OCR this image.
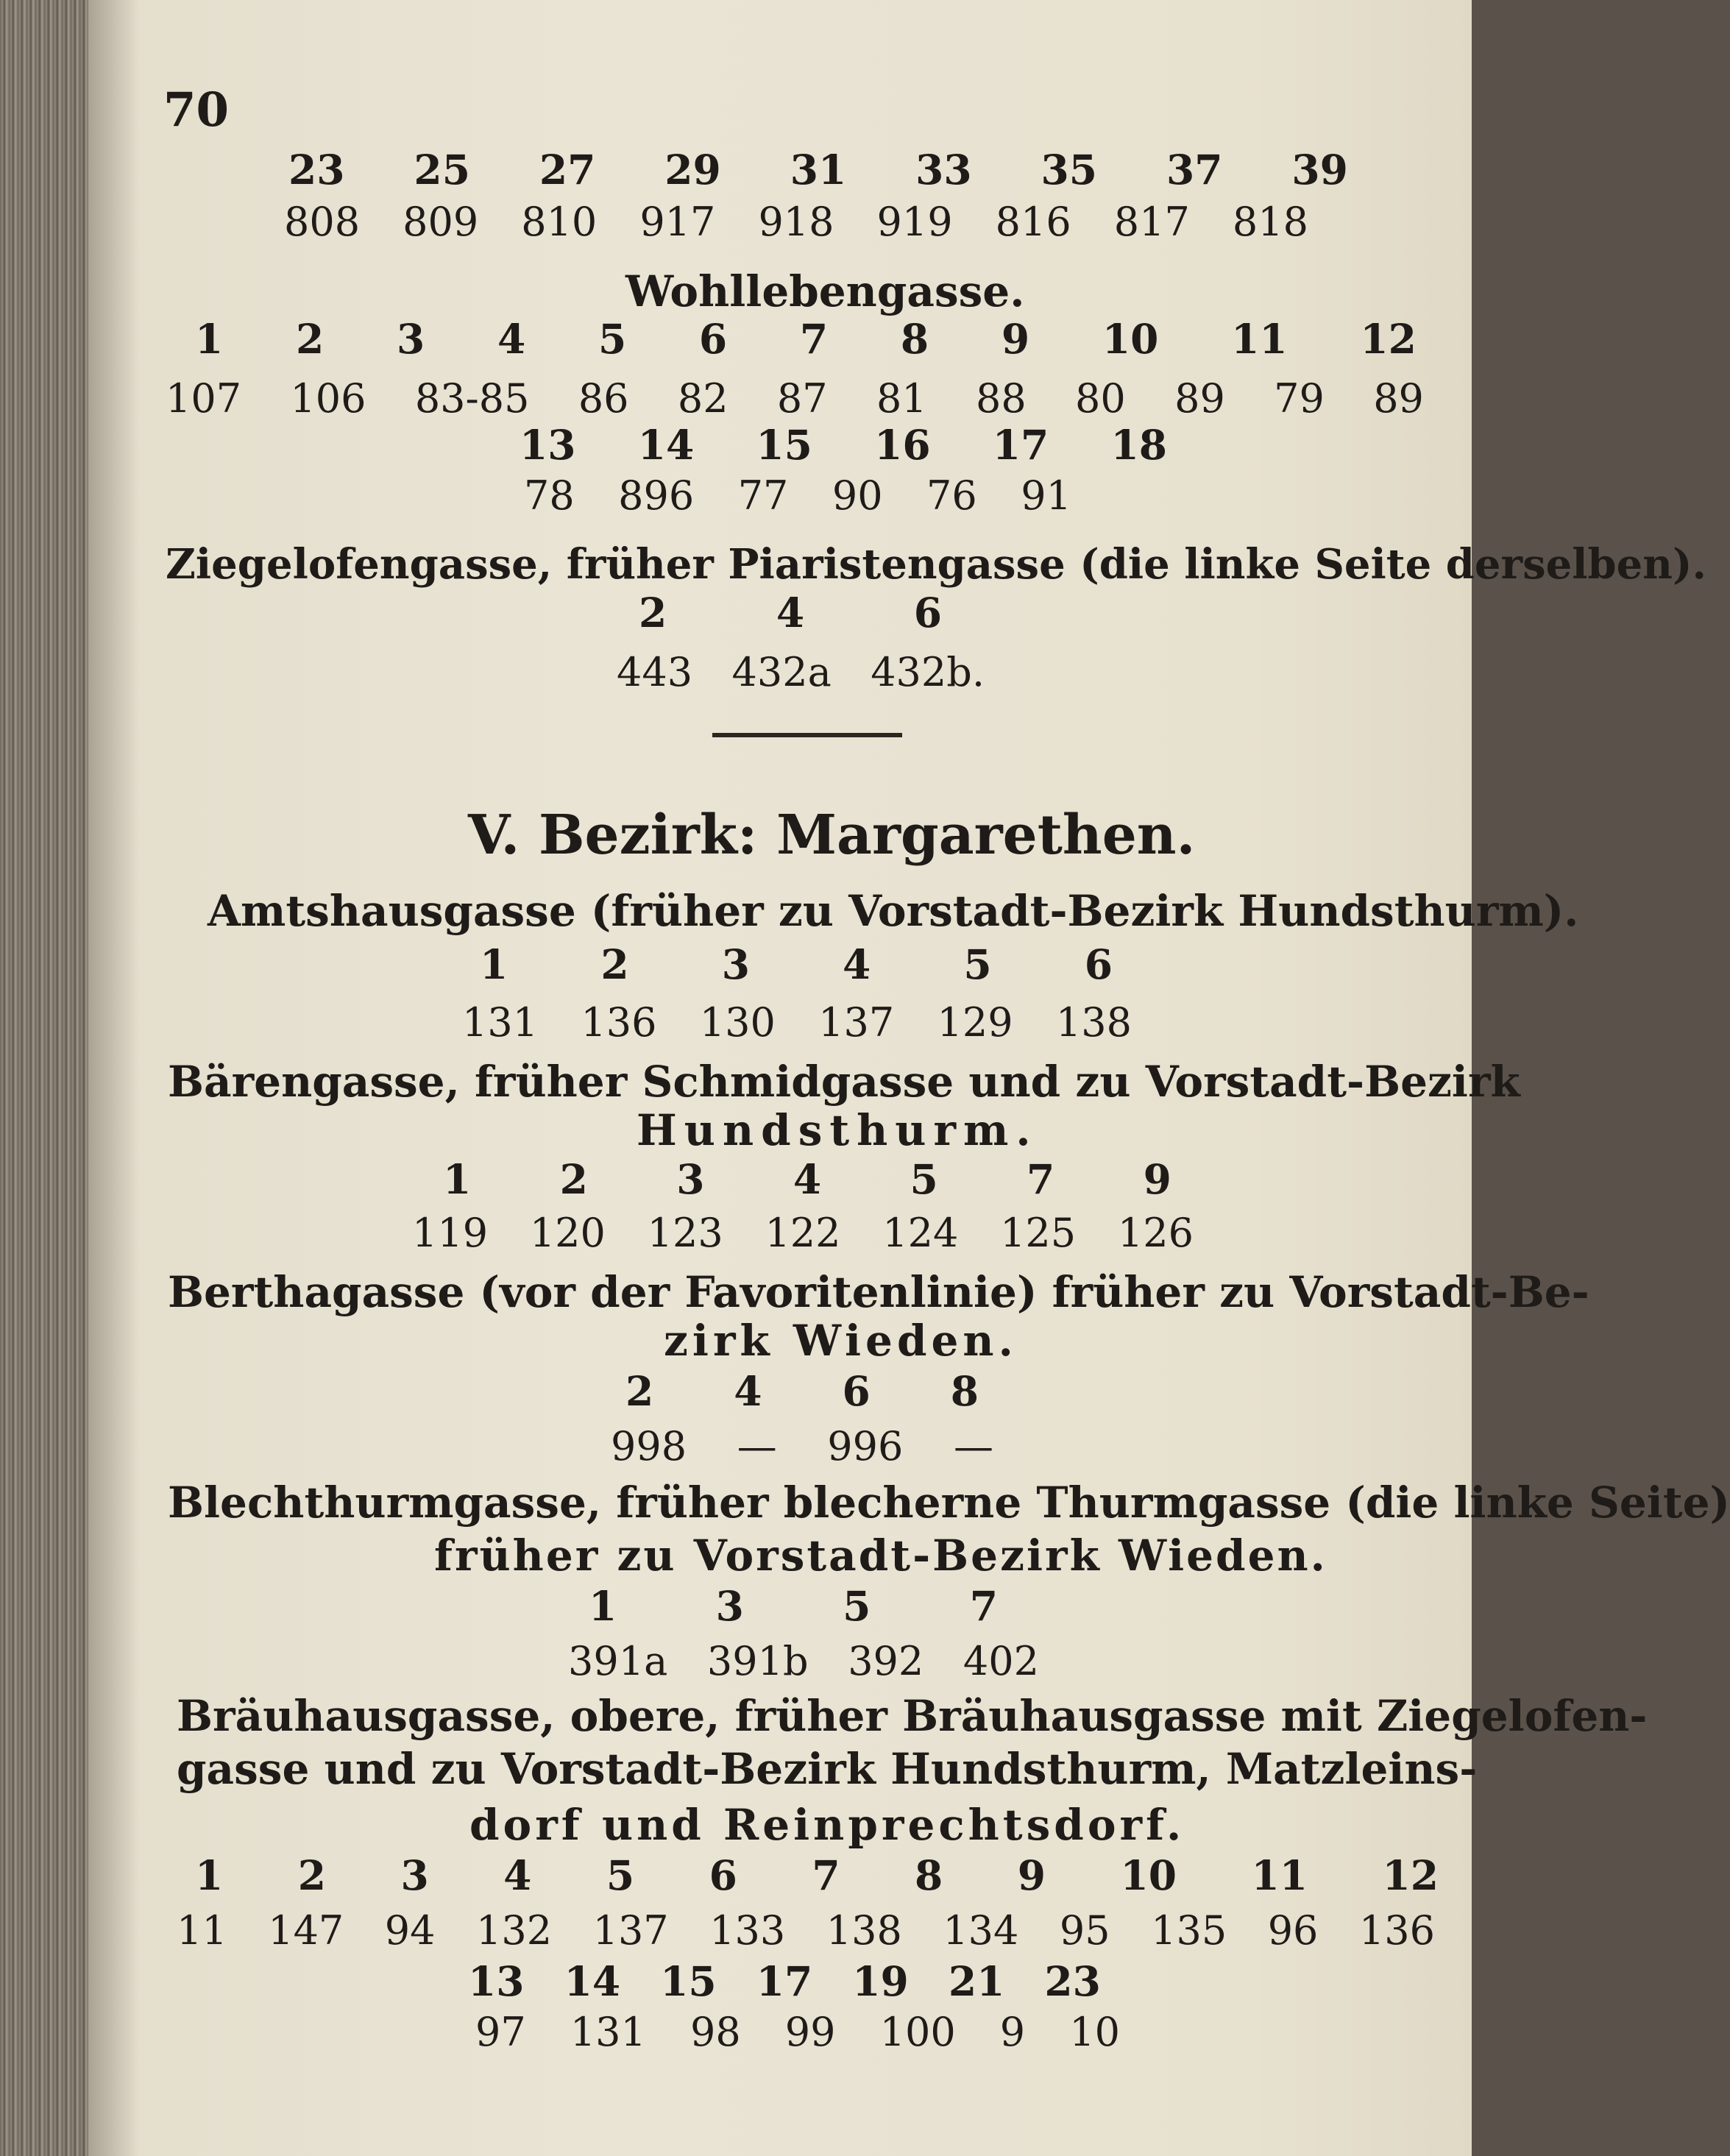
70
23 25 27 29 31 33 35 37 39
808 809 810 917 918 919 816 817 818
Wohllebengasse.
1 2 3 4 5 6 7 8 9 10 11 12
107 106 83-85 86 82 87 81 88 80 89 79 89
13 14 15 16 17 18
78 896 77 90 76 91
Ziegelofengasse, früher Piaristengasse (die linke Seite derselben).
2	4	6
443 432a 432b.
V. Bezirk: Margarethen.
Amtshausgasse (früher zu Vorstadt-Bezirk Hundsthurm).
1 2 3 4 5 6
131 136 130 137 129 138
Bärengasse, früher Schmidgasse und zu Vorstadt-Bezirk
Hundsthurm.
1 2 3 4 5 7 9
119 120 123 122 124 125 126
Berthagasse (vor der Favoritenlinie) früher zu Vorstadt-Be-
zirk Wieden.
2 4 6 8
998 — 996 —
Blechthurmgasse, früher blecherne Thurmgasse (die linke Seite)
früher zu Vorstadt-Bezirk Wieden.
1 3 5 7
391a 391b 392 402
Bräuhausgasse, obere, früher Bräuhausgasse mit Ziegelofen-
gasse und zu Vorstadt-Bezirk Hundsthurm, Matzleins-
dorf und Reinprechtsdorf.
1 2 3 4 5 6 7 8 9 10 11 12
11 147 94 132 137 133 138 134 95 135 96 136
13 14 15 17 19 21 23
97 131 98 99 100 9 10
